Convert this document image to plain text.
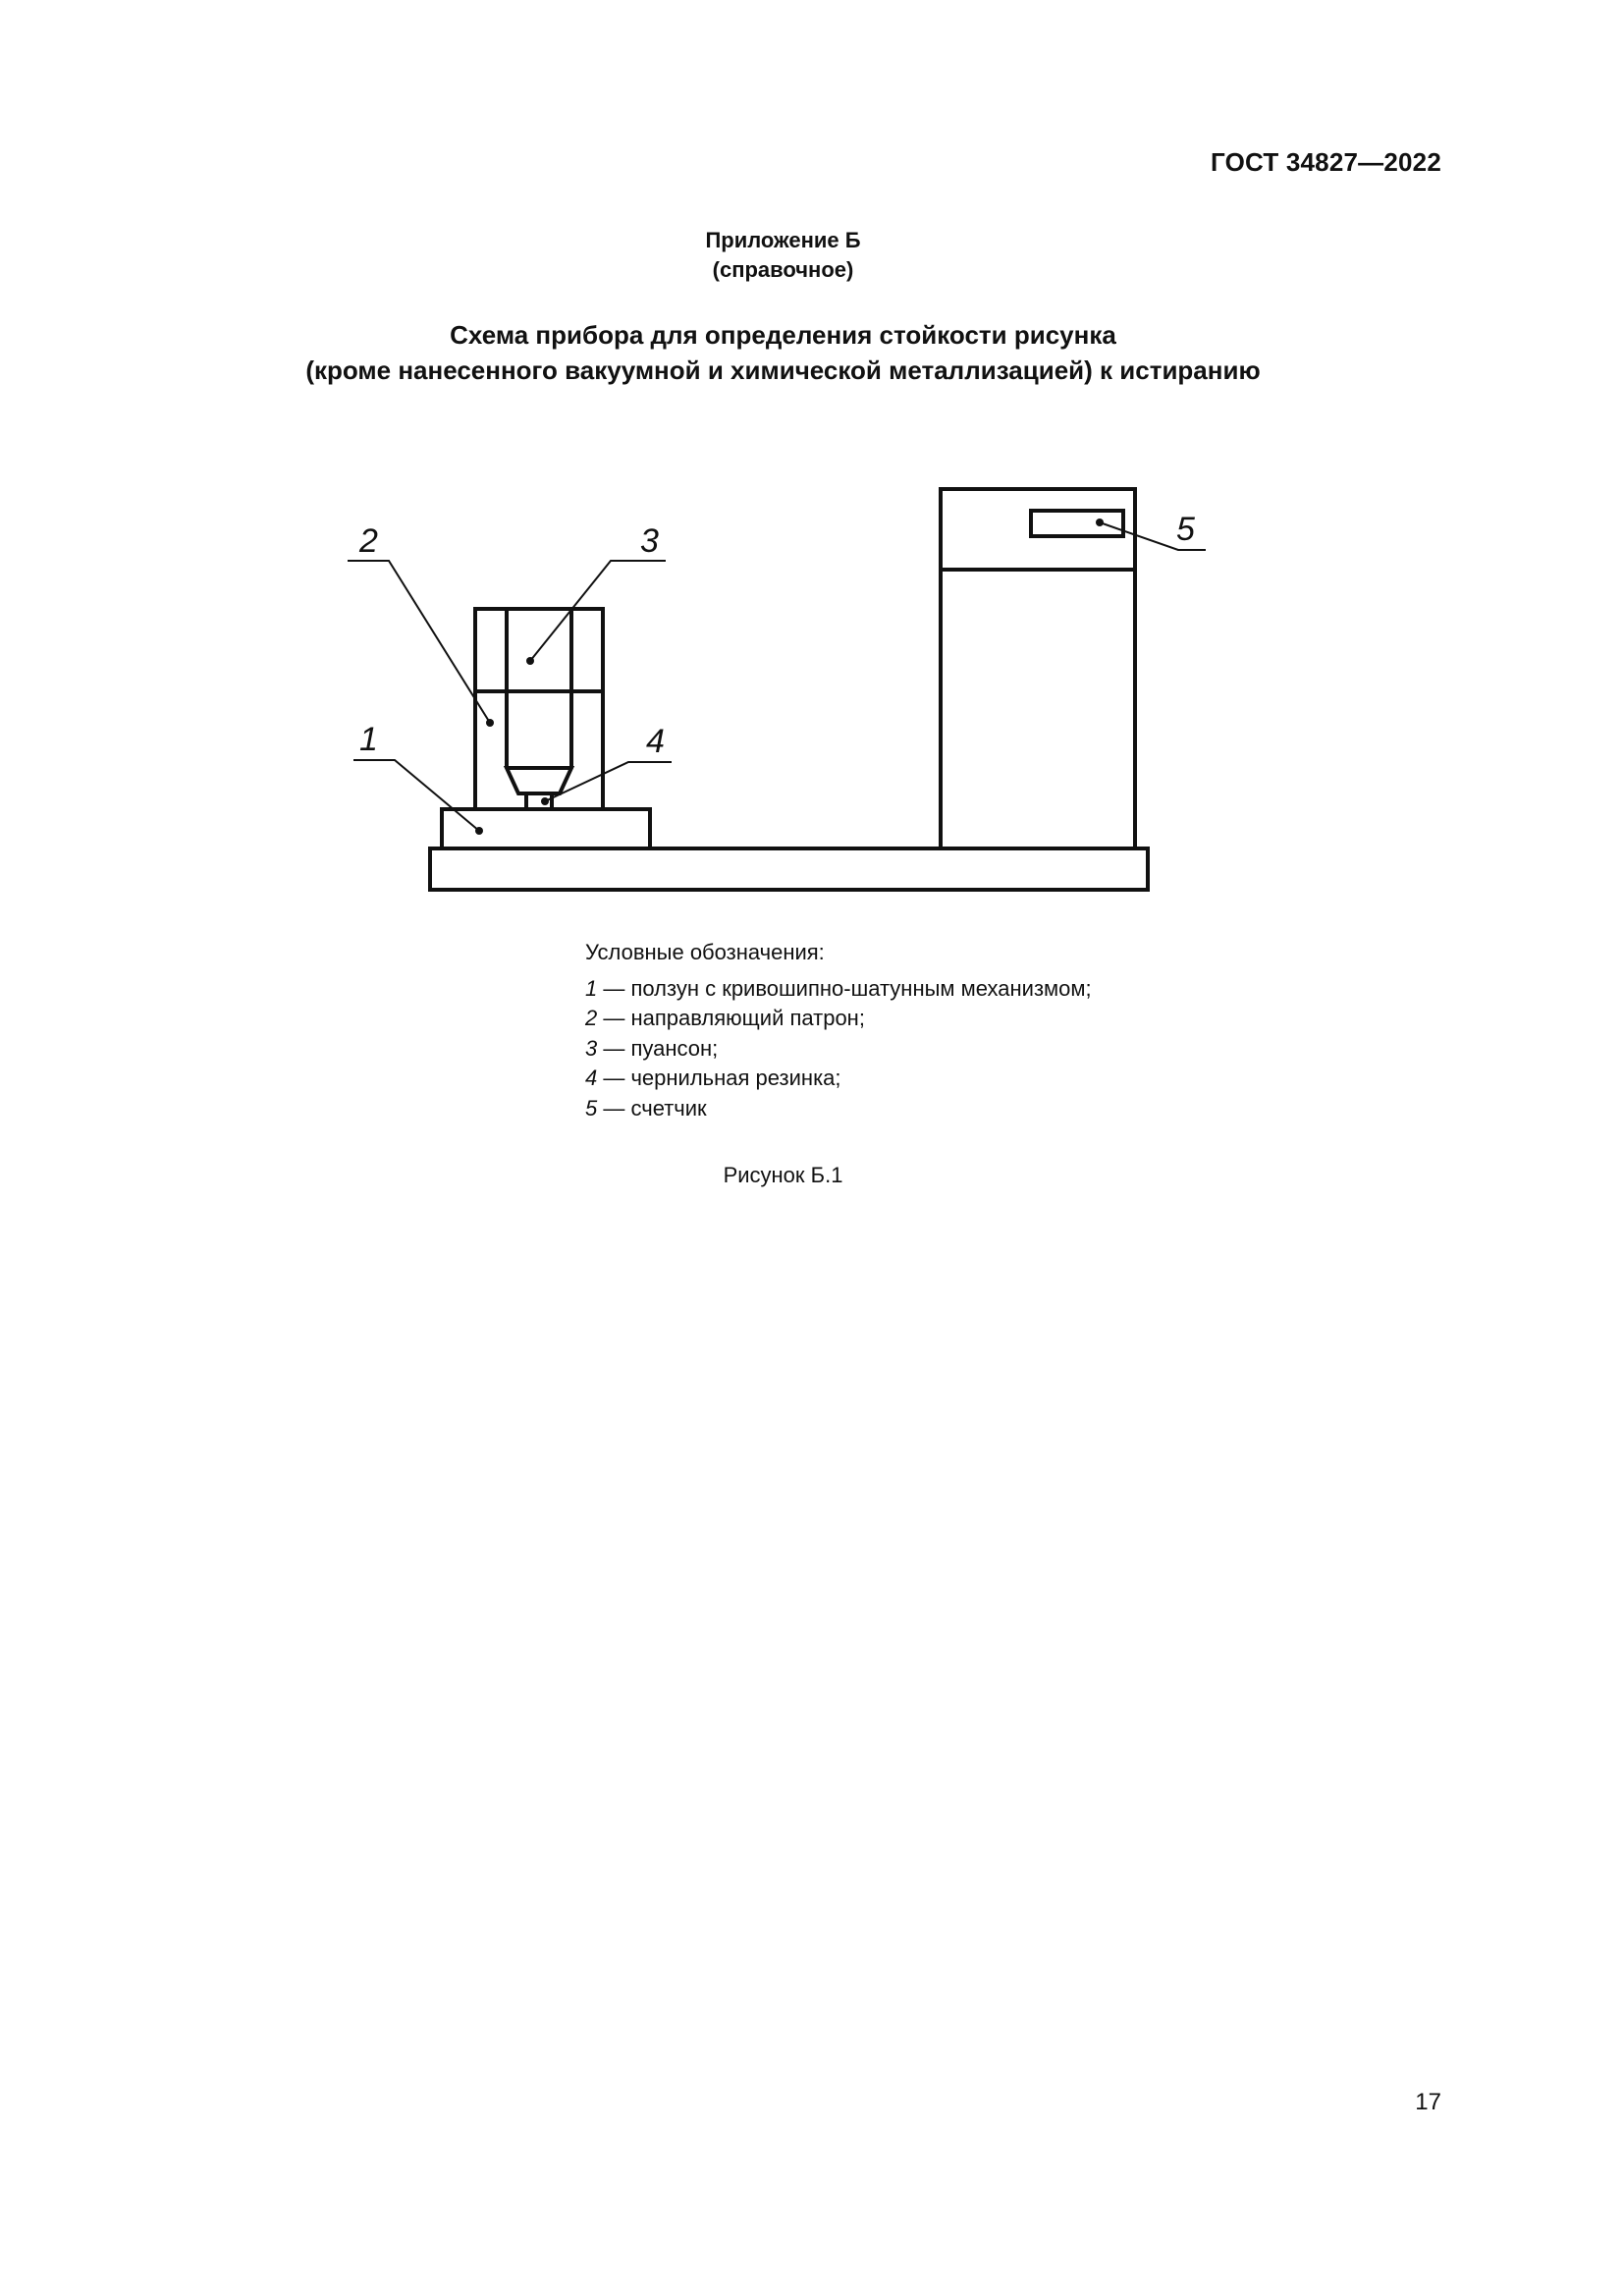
ГОСТ 34827—2022
Приложение Б
(справочное)
Схема прибора для определения стойкости рисунка
(кроме нанесенного вакуумной и химической металлизацией) к истиранию
1
2	3
4
5
Условные обозначения:
1 — ползун с кривошипно-шатунным механизмом;
2 — направляющий патрон;
3 — пуансон;
4 — чернильная резинка;
5 — счетчик
Рисунок Б.1
17
